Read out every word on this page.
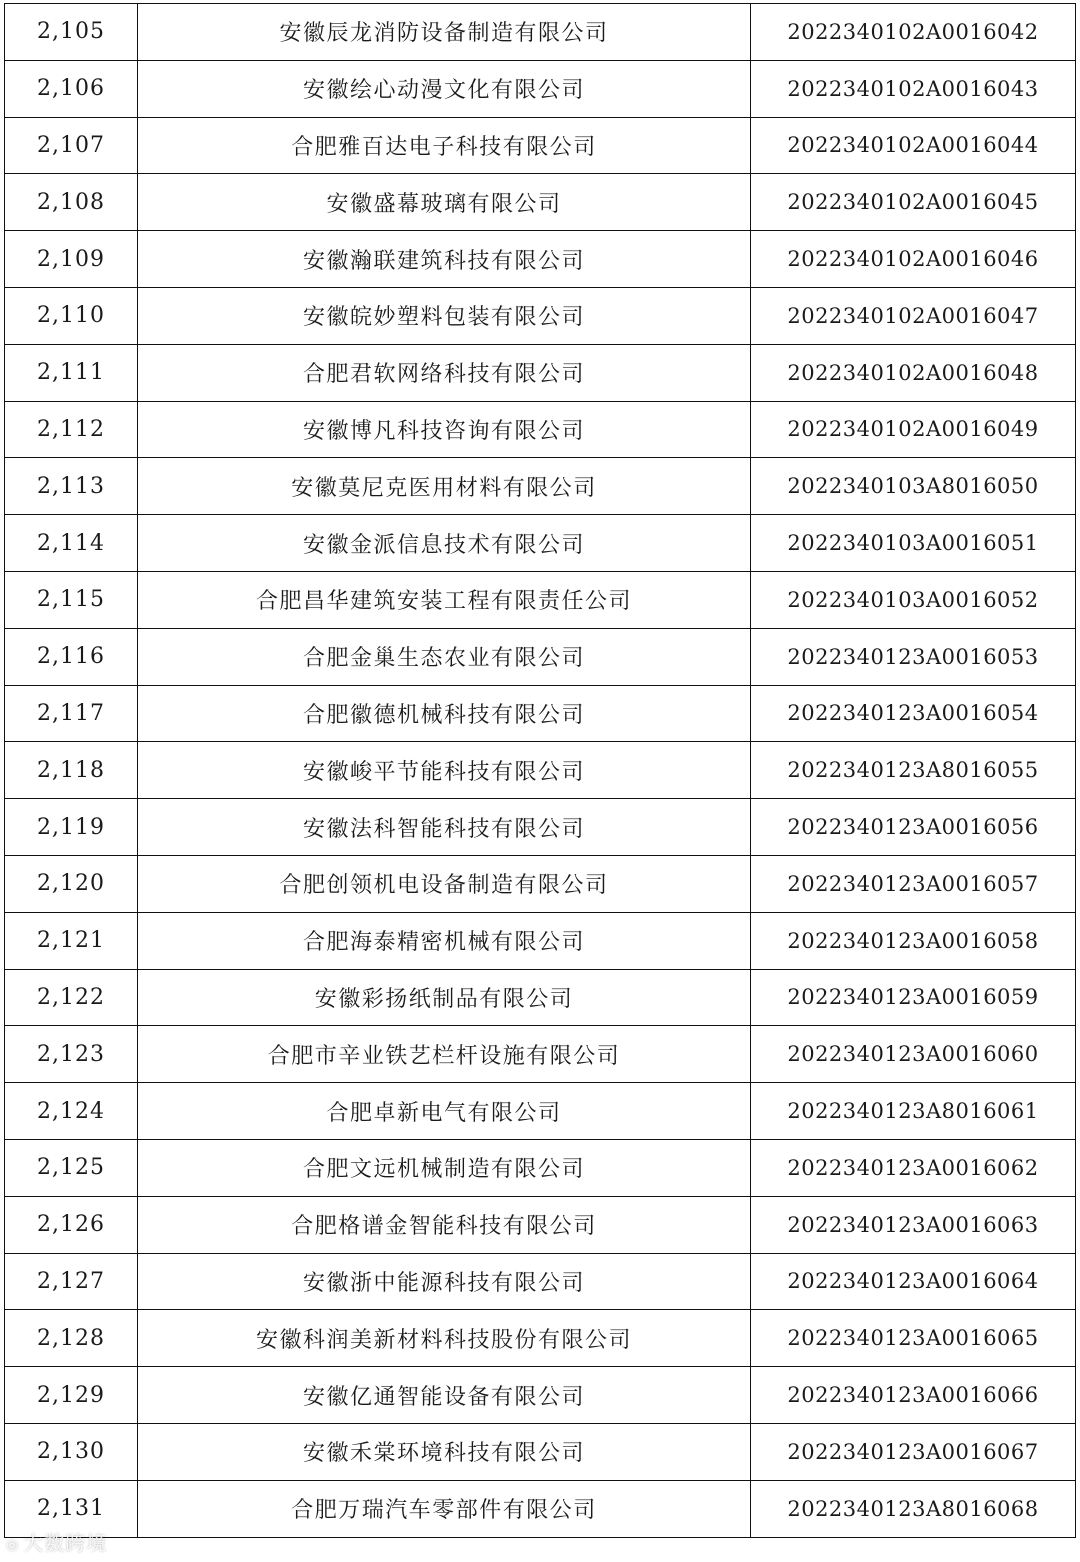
2,105	安徽辰龙消防设备制造有限公司	2022340102A0016042
2,106	安徽绘心动漫文化有限公司	2022340102A0016043
2,107	合肥雅百达电子科技有限公司	2022340102A0016044
2,108	安徽盛幕玻璃有限公司	2022340102A0016045
2,109	安徽瀚联建筑科技有限公司	2022340102A0016046
2,110	安徽皖妙塑料包装有限公司	2022340102A0016047
2,111	合肥君软网络科技有限公司	2022340102A0016048
2,112	安徽博凡科技咨询有限公司	2022340102A0016049
2,113	安徽莫尼克医用材料有限公司	2022340103A8016050
2,114	安徽金派信息技术有限公司	2022340103A0016051
2,115	合肥昌华建筑安装工程有限责任公司	2022340103A0016052
2,116	合肥金巢生态农业有限公司	2022340123A0016053
2,117	合肥徽德机械科技有限公司	2022340123A0016054
2,118	安徽峻平节能科技有限公司	2022340123A8016055
2,119	安徽法科智能科技有限公司	2022340123A0016056
2,120	合肥创领机电设备制造有限公司	2022340123A0016057
2,121	合肥海泰精密机械有限公司	2022340123A0016058
2,122	安徽彩扬纸制品有限公司	2022340123A0016059
2,123	合肥市辛业铁艺栏杆设施有限公司	2022340123A0016060
2,124	合肥卓新电气有限公司	2022340123A8016061
2,125	合肥文远机械制造有限公司	2022340123A0016062
2,126	合肥格谱金智能科技有限公司	2022340123A0016063
2,127	安徽浙中能源科技有限公司	2022340123A0016064
2,128	安徽科润美新材料科技股份有限公司	2022340123A0016065
2,129	安徽亿通智能设备有限公司	2022340123A0016066
2,130	安徽禾棠环境科技有限公司	2022340123A0016067
2,131	合肥万瑞汽车零部件有限公司	2022340123A8016068
◎ 大数跨境
